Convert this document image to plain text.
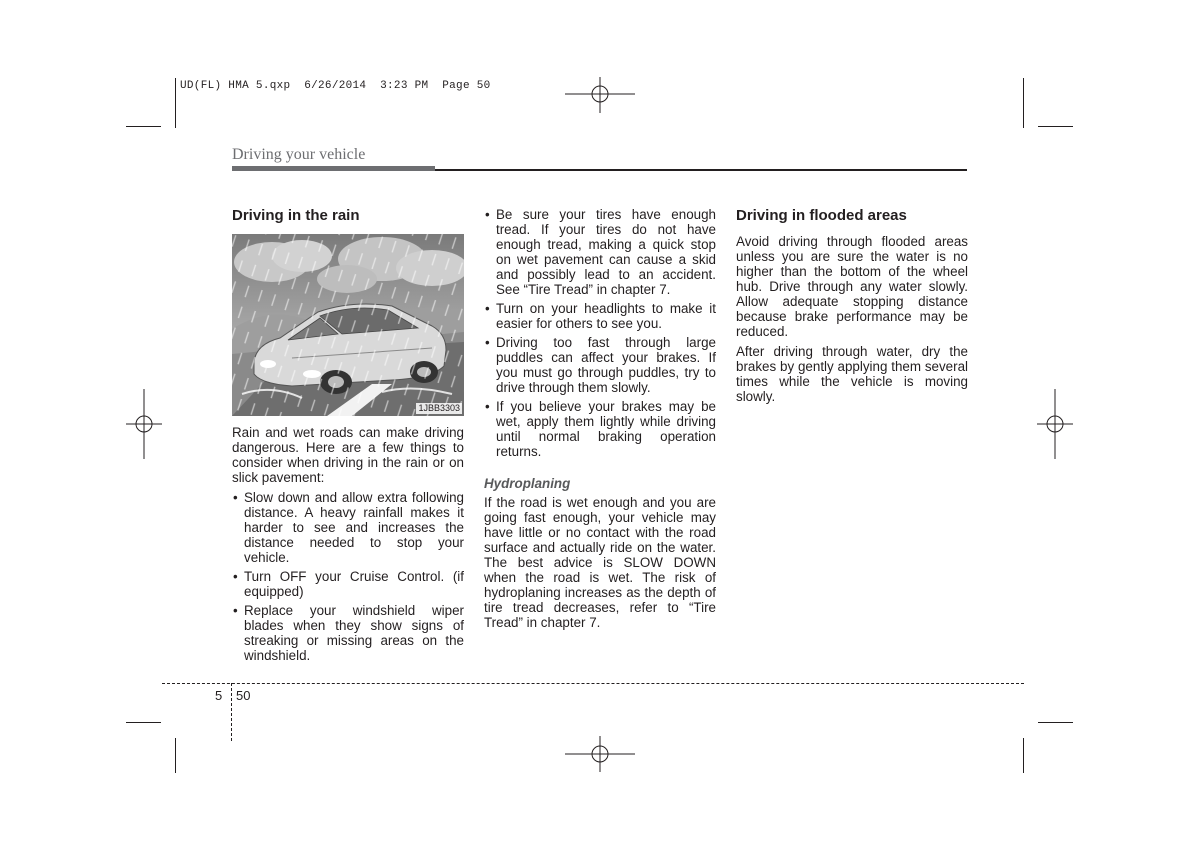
UD(FL) HMA 5.qxp  6/26/2014  3:23 PM  Page 50
Driving your vehicle
Driving in the rain
1JBB3303

Rain and wet roads can make driving dangerous. Here are a few things to consider when driving in the rain or on slick pavement:

• Slow down and allow extra following distance. A heavy rainfall makes it harder to see and increases the distance needed to stop your vehicle.
• Turn OFF your Cruise Control. (if equipped)
• Replace your windshield wiper blades when they show signs of streaking or missing areas on the windshield.
• Be sure your tires have enough tread. If your tires do not have enough tread, making a quick stop on wet pavement can cause a skid and possibly lead to an accident. See “Tire Tread” in chapter 7.
• Turn on your headlights to make it easier for others to see you.
• Driving too fast through large puddles can affect your brakes. If you must go through puddles, try to drive through them slowly.
• If you believe your brakes may be wet, apply them lightly while driving until normal braking operation returns.
Hydroplaning

If the road is wet enough and you are going fast enough, your vehicle may have little or no contact with the road surface and actually ride on the water. The best advice is SLOW DOWN when the road is wet. The risk of hydroplaning increases as the depth of tire tread decreases, refer to “Tire Tread” in chapter 7.

Driving in flooded areas

Avoid driving through flooded areas unless you are sure the water is no higher than the bottom of the wheel hub. Drive through any water slowly. Allow adequate stopping distance because brake performance may be reduced.

After driving through water, dry the brakes by gently applying them several times while the vehicle is moving slowly.

5 50
